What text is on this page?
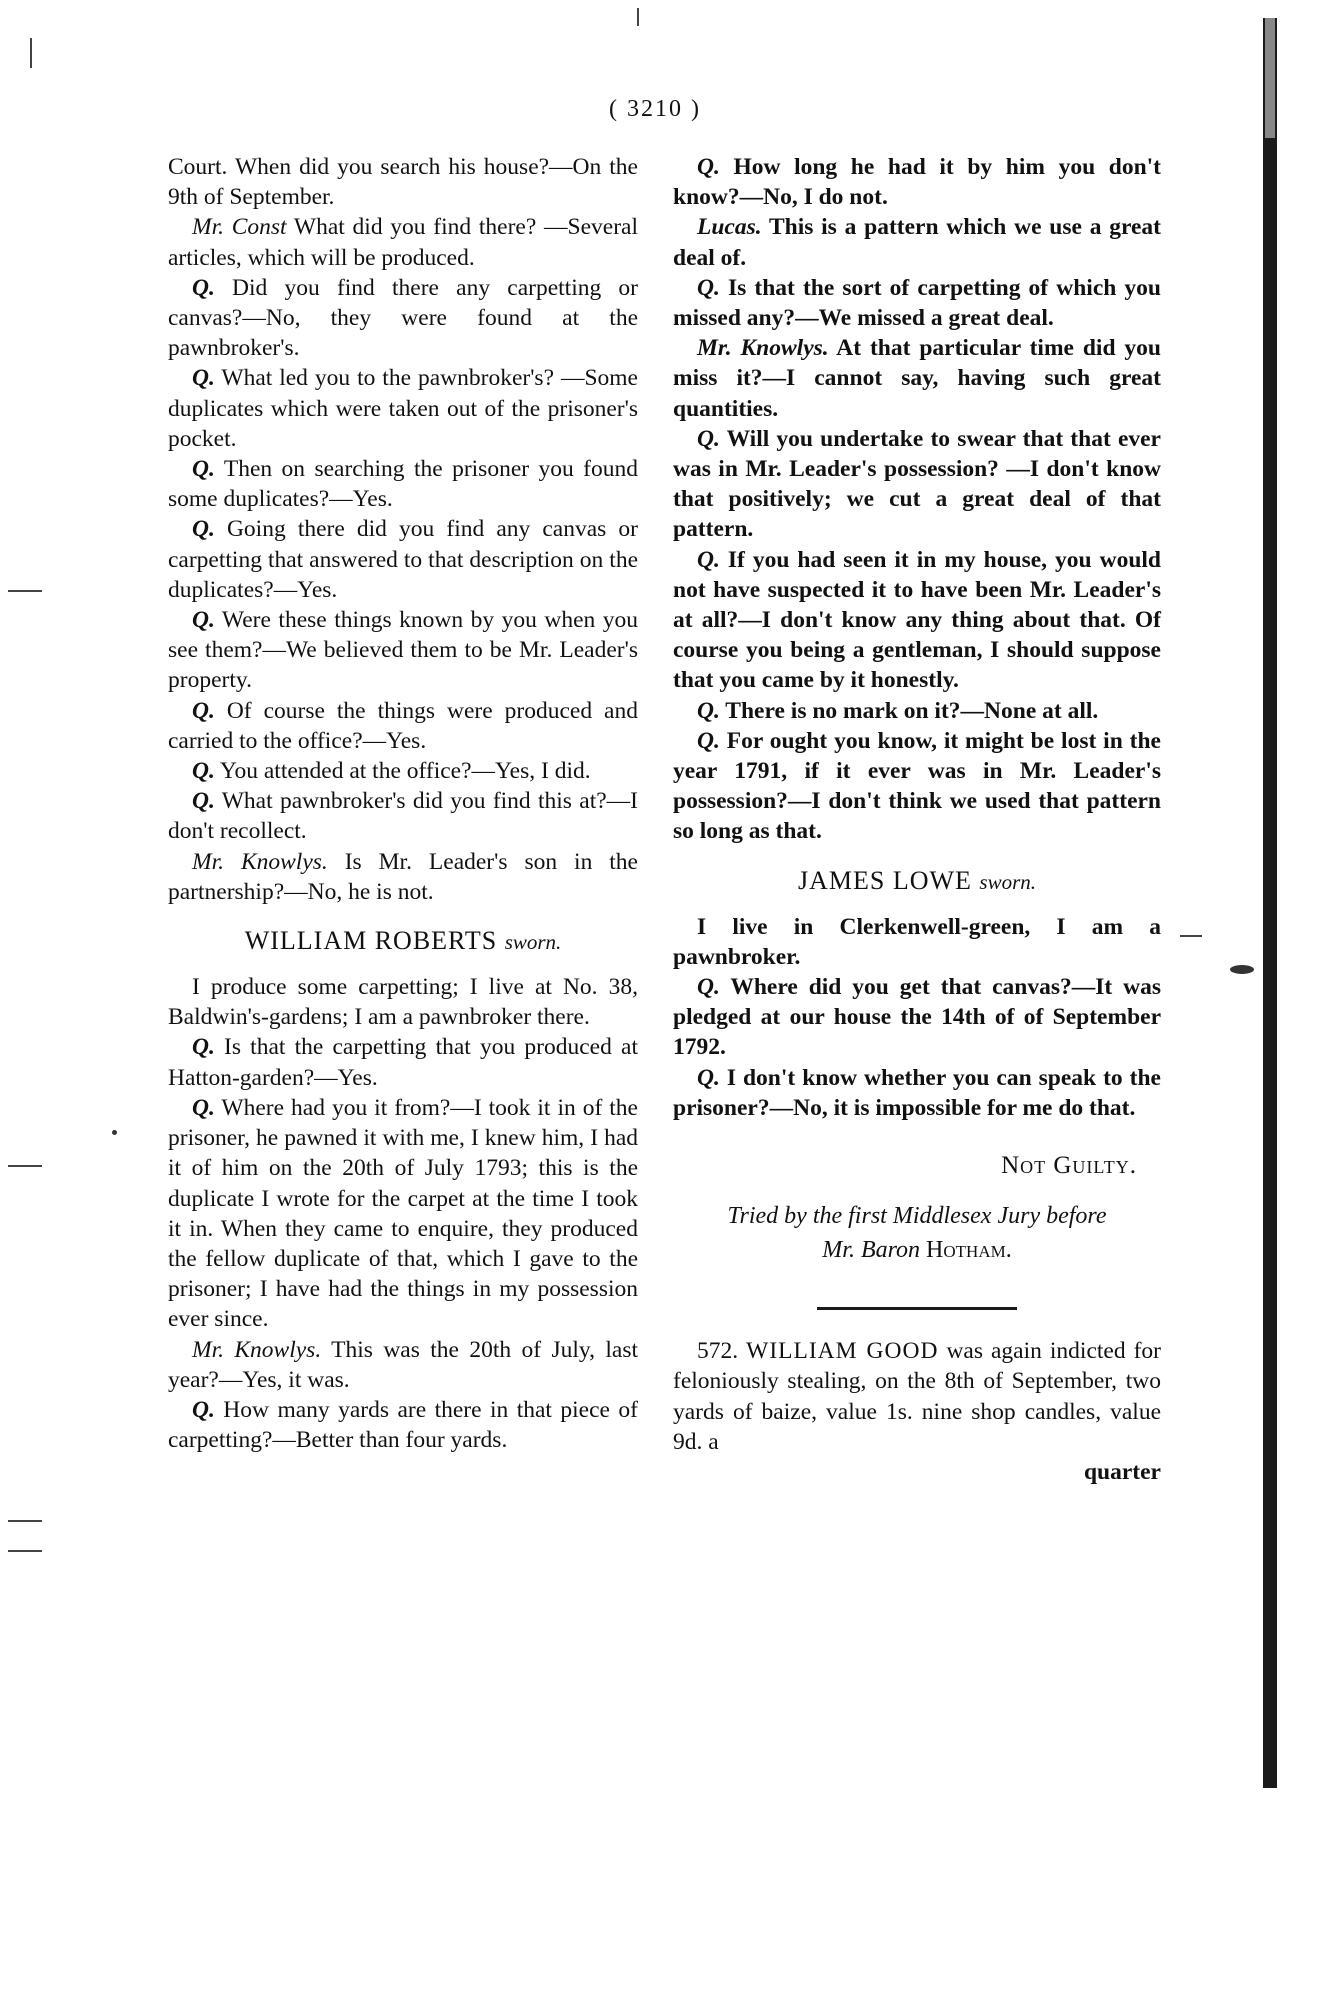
( 3210 )

Court. When did you search his house?—On the 9th of September.

Mr. Const What did you find there? —Several articles, which will be produced.

Q. Did you find there any carpetting or canvas?—No, they were found at the pawnbroker's.

Q. What led you to the pawnbroker's? —Some duplicates which were taken out of the prisoner's pocket.

Q. Then on searching the prisoner you found some duplicates?—Yes.

Q. Going there did you find any canvas or carpetting that answered to that description on the duplicates?—Yes.

Q. Were these things known by you when you see them?—We believed them to be Mr. Leader's property.

Q. Of course the things were produced and carried to the office?—Yes.

Q. You attended at the office?—Yes, I did.

Q. What pawnbroker's did you find this at?—I don't recollect.

Mr. Knowlys. Is Mr. Leader's son in the partnership?—No, he is not.

WILLIAM ROBERTS sworn.

I produce some carpetting; I live at No. 38, Baldwin's-gardens; I am a pawnbroker there.

Q. Is that the carpetting that you produced at Hatton-garden?—Yes.

Q. Where had you it from?—I took it in of the prisoner, he pawned it with me, I knew him, I had it of him on the 20th of July 1793; this is the duplicate I wrote for the carpet at the time I took it in. When they came to enquire, they produced the fellow duplicate of that, which I gave to the prisoner; I have had the things in my possession ever since.

Mr. Knowlys. This was the 20th of July, last year?—Yes, it was.

Q. How many yards are there in that piece of carpetting?—Better than four yards.

Q. How long he had it by him you don't know?—No, I do not.

Lucas. This is a pattern which we use a great deal of.

Q. Is that the sort of carpetting of which you missed any?—We missed a great deal.

Mr. Knowlys. At that particular time did you miss it?—I cannot say, having such great quantities.

Q. Will you undertake to swear that that ever was in Mr. Leader's possession? —I don't know that positively; we cut a great deal of that pattern.

Q. If you had seen it in my house, you would not have suspected it to have been Mr. Leader's at all?—I don't know any thing about that. Of course you being a gentleman, I should suppose that you came by it honestly.

Q. There is no mark on it?—None at all.

Q. For ought you know, it might be lost in the year 1791, if it ever was in Mr. Leader's possession?—I don't think we used that pattern so long as that.

JAMES LOWE sworn.

I live in Clerkenwell-green, I am a pawnbroker.

Q. Where did you get that canvas?—It was pledged at our house the 14th of of September 1792.

Q. I don't know whether you can speak to the prisoner?—No, it is impossible for me do that.

Not Guilty.
Tried by the first Middlesex Jury before
Mr. Baron Hotham.

572. WILLIAM GOOD was again indicted for feloniously stealing, on the 8th of September, two yards of baize, value 1s. nine shop candles, value 9d. a

quarter
